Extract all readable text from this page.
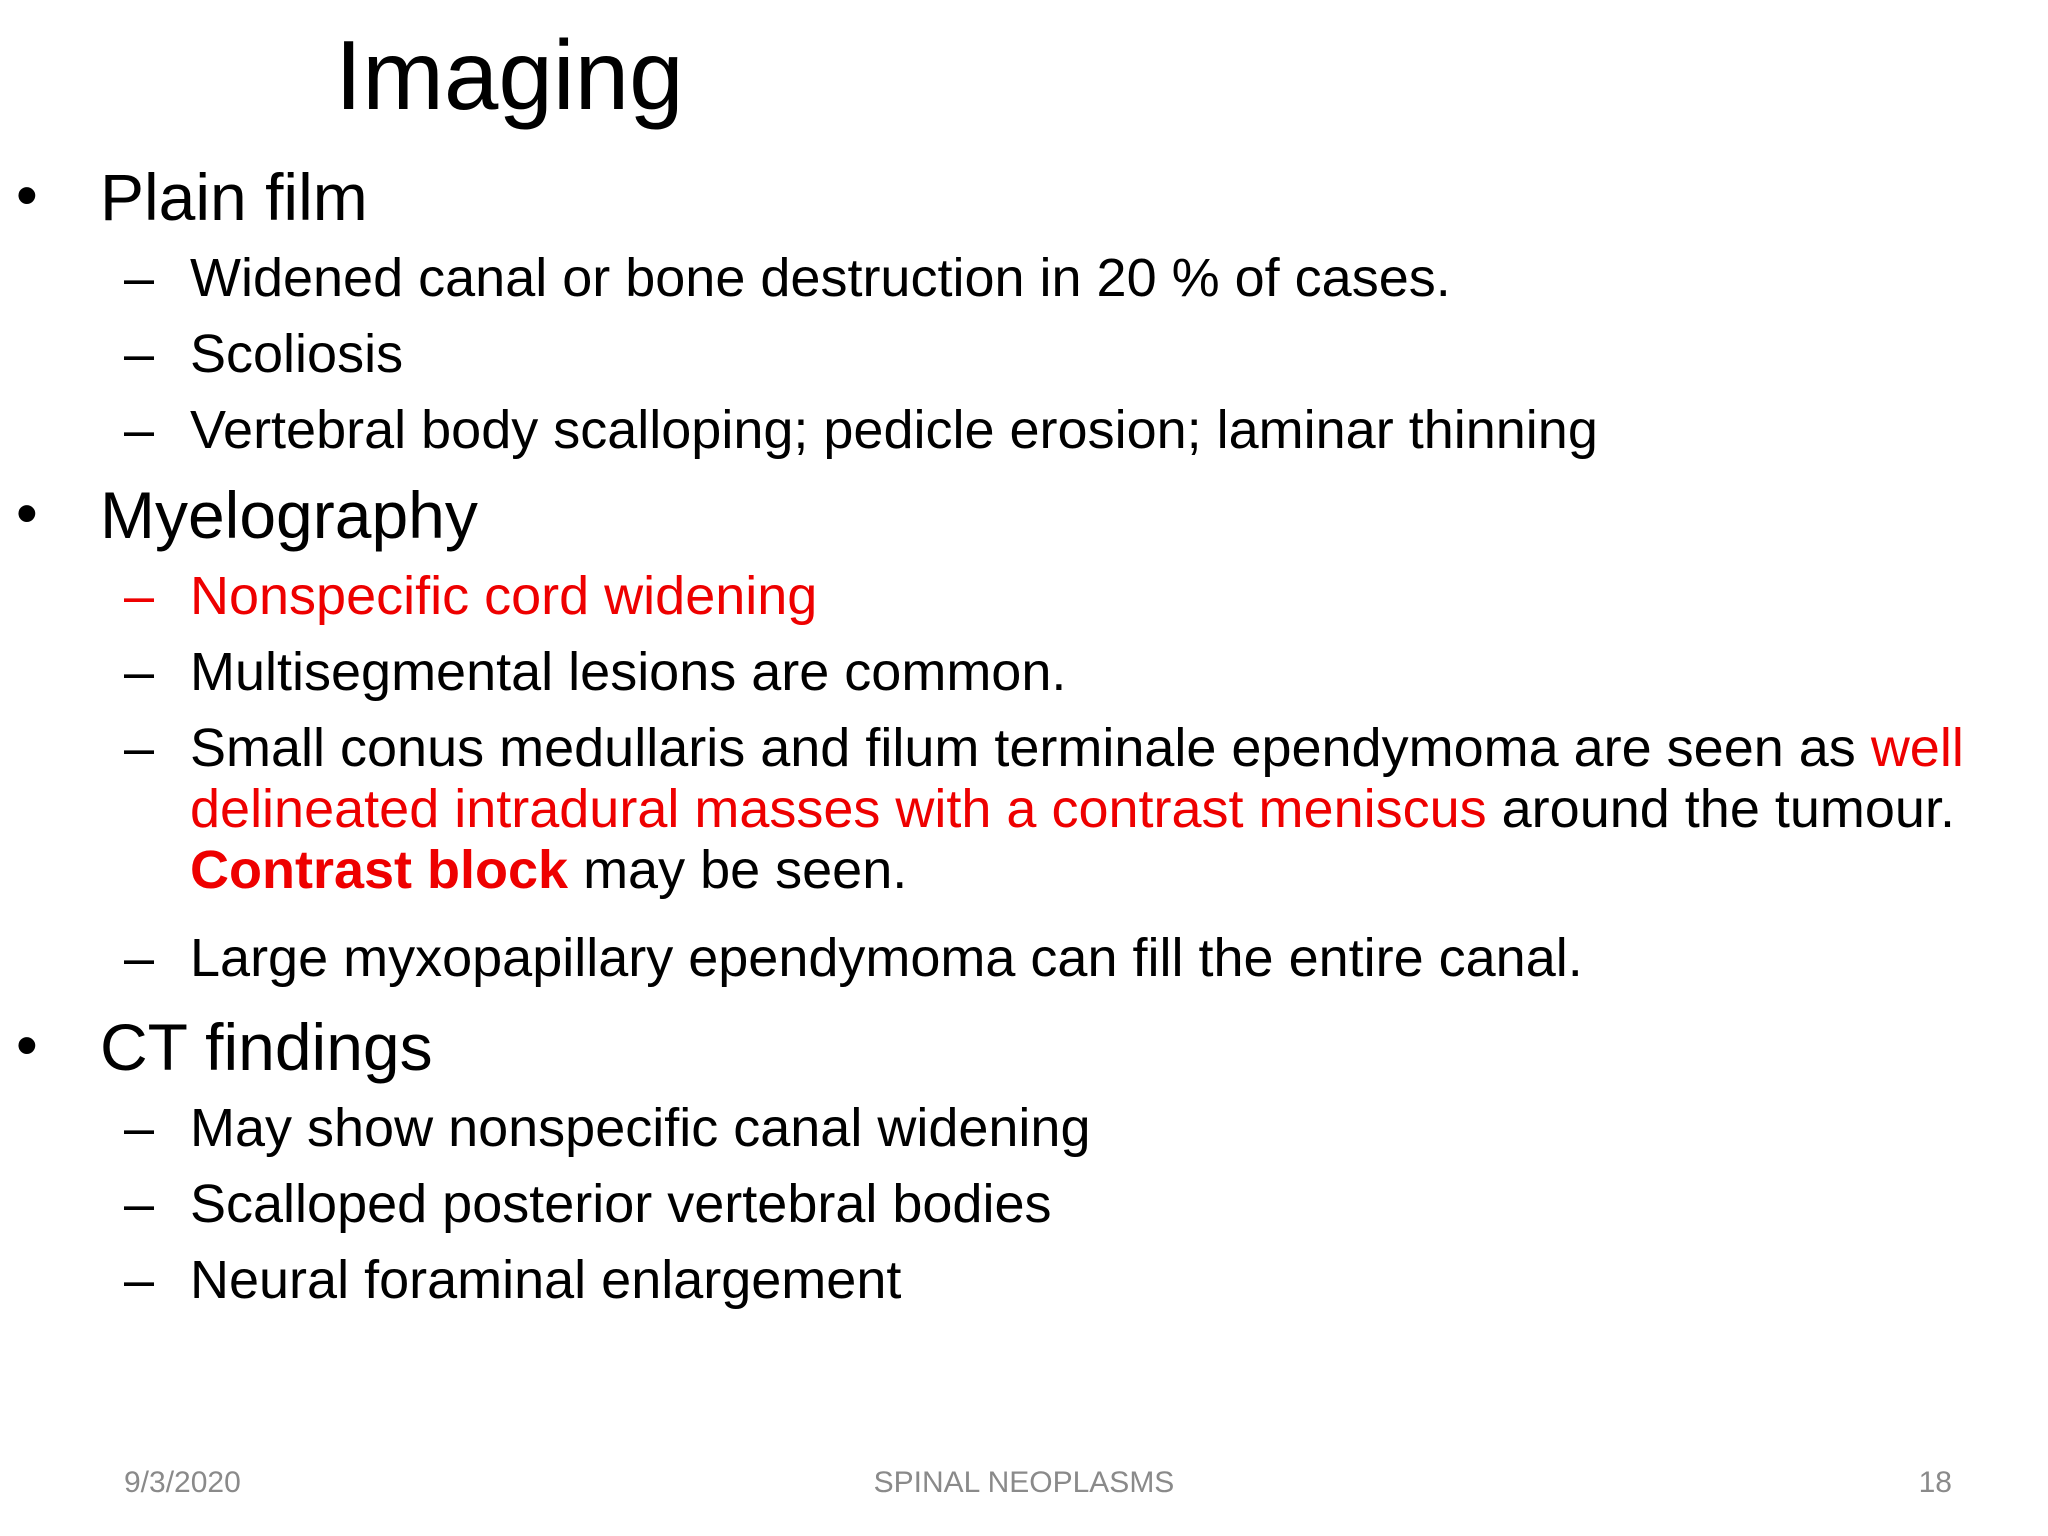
Imaging
• Plain film
– Widened canal or bone destruction in 20 % of cases.
– Scoliosis
– Vertebral body scalloping; pedicle erosion; laminar thinning
• Myelography
– Nonspecific cord widening
– Multisegmental lesions are common.
– Small conus medullaris and filum terminale ependymoma are seen as well delineated intradural masses with a contrast meniscus around the tumour. Contrast block may be seen.
– Large myxopapillary ependymoma can fill the entire canal.
• CT findings
– May show nonspecific canal widening
– Scalloped posterior vertebral bodies
– Neural foraminal enlargement
9/3/2020	SPINAL NEOPLASMS	18
